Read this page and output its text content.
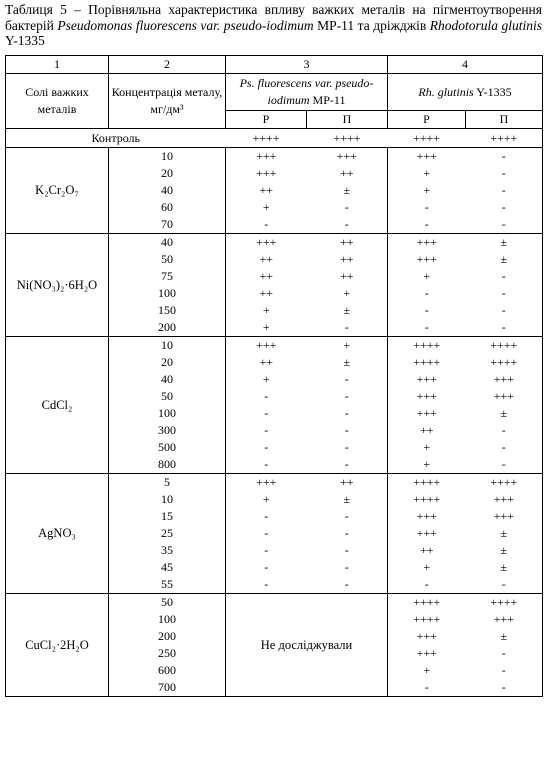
Таблиця 5 – Порівняльна характеристика впливу важких металів на пігментоутворення бактерій Pseudomonas fluorescens var. pseudo-iodimum МР-11 та дріжджів Rhodotorula glutinis Y-1335
1	2	3		4	
Солі важких металів	Концентрація металу, мг/дм³	Ps. fluorescens var. pseudo-iodimum МР-11		Rh. glutinis Y-1335	
		Р	П	Р	П
Контроль		++++	++++	++++	++++
K₂Cr₂O₇	10	+++	+++	+++	-
	20	+++	++	+	-
	40	++	±	+	-
	60	+	-	-	-
	70	-	-	-	-
Ni(NO₃)₂·6H₂O	40	+++	++	+++	±
	50	++	++	+++	±
	75	++	++	+	-
	100	++	+	-	-
	150	+	±	-	-
	200	+	-	-	-
CdCl₂	10	+++	+	++++	++++
	20	++	±	++++	++++
	40	+	-	+++	+++
	50	-	-	+++	+++
	100	-	-	+++	±
	300	-	-	++	-
	500	-	-	+	-
	800	-	-	+	-
AgNO₃	5	+++	++	++++	++++
	10	+	±	++++	+++
	15	-	-	+++	+++
	25	-	-	+++	±
	35	-	-	++	±
	45	-	-	+	±
	55	-	-	-	-
CuCl₂·2H₂O	50	Не досліджували		++++	++++
	100			++++	+++
	200			+++	±
	250			+++	-
	600			+	-
	700			-	-
